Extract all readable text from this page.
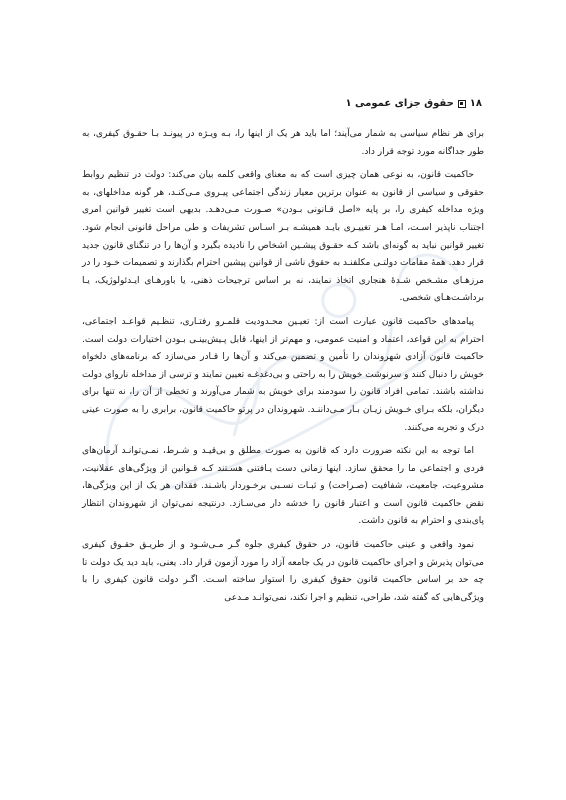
۱۸
حقوق جزای عمومی ۱

برای هر نظام سیاسی به شمار می‌آیند؛ اما باید هر یک از اینها را، بـه ویـژه در پیونـد بـا حقـوق کیفری، به طور جداگانه مورد توجه قرار داد.

حاکمیت قانون، به نوعی همان چیزی است که به معنای واقعی کلمه بیان می‌کند: دولت در تنظیم روابط حقوقی و سیاسی از قانون به عنوان برترین معیار زندگی اجتماعی پیـروی مـی‌کنـد، هر گونه مداخلهای، به ویژه مداخله کیفری را، بر پایه «اصل قـانونی بـودن» صـورت مـی‌دهـد. بدیهی است تغییر قوانین امری اجتناب ناپذیر اسـت، امـا هـر تغییـری بایـد همیشـه بـر اسـاس تشریفات و طی مراحل قانونی انجام شود. تغییر قوانین نباید به گونه‌ای باشد کـه حقـوق پیشـین اشخاص را نادیده بگیرد و آن‌ها را در تنگنای قانون جدید قرار دهد. همهٔ مقامات دولتـی مکلفنـد به حقوق ناشی از قوانین پیشین احترام بگذارند و تصمیمات خـود را در مرزهـای مشـخص شـدهٔ هنجاری اتخاذ نمایند، نه بر اساس ترجیحات ذهنی، یا باورهـای ایـدئولوژیک، یـا برداشـت‌هـای شخصی.

پیامدهای حاکمیت قانون عبارت است از: تعیـین محـدودیت قلمـرو رفتـاری، تنظـیم قواعـد اجتماعی، احترام به این قواعد، اعتماد و امنیت عمومی، و مهم‌تر از اینها، قابل پـیش‌بینـی بـودن اختیارات دولت است. حاکمیت قانون آزادی شهروندان را تأمین و تضمین می‌کند و آن‌ها را قـادر می‌سازد که برنامه‌های دلخواه خویش را دنبال کنند و سرنوشت خویش را به راحتی و بی‌دغدغـه تعیین نمایند و ترسی از مداخله ناروای دولت نداشته باشند. تمامی افراد قانون را سودمند برای خویش به شمار می‌آورند و تخطی از آن را، نه تنها برای دیگران، بلکه بـرای خـویش زیـان بـار مـی‌داننـد. شهروندان در پرتو حاکمیت قانون، برابری را به صورت عینی درک و تجربه می‌کنند.

اما توجه به این نکته ضرورت دارد که قانون به صورت مطلق و بی‌قیـد و شـرط، نمـی‌توانـد آرمان‌های فردی و اجتماعی ما را محقق سازد. اینها زمانی دست یـافتنی هسـتند کـه قـوانین از ویژگی‌های عقلانیت، مشروعیت، جامعیت، شفافیت (صـراحت) و ثبـات نسـبی برخـوردار باشـند. فقدان هر یک از این ویژگی‌ها، نقض حاکمیت قانون است و اعتبار قانون را خدشه دار می‌سـازد. درنتیجه نمی‌توان از شهروندان انتظار پای‌بندی و احترام به قانون داشت.

نمود واقعی و عینی حاکمیت قانون، در حقوق کیفری جلوه گـر مـی‌شـود و از طریـق حقـوق کیفری می‌توان پذیرش و اجرای حاکمیت قانون در یک جامعه آزاد را مورد آزمون قرار داد. یعنی، باید دید یک دولت تا چه حد بر اساس حاکمیت قانون حقوق کیفری را استوار ساخته اسـت. اگـر دولت قانون کیفری را با ویژگی‌هایی که گفته شد، طراحی، تنظیم و اجرا نکند، نمی‌توانـد مـدعی
